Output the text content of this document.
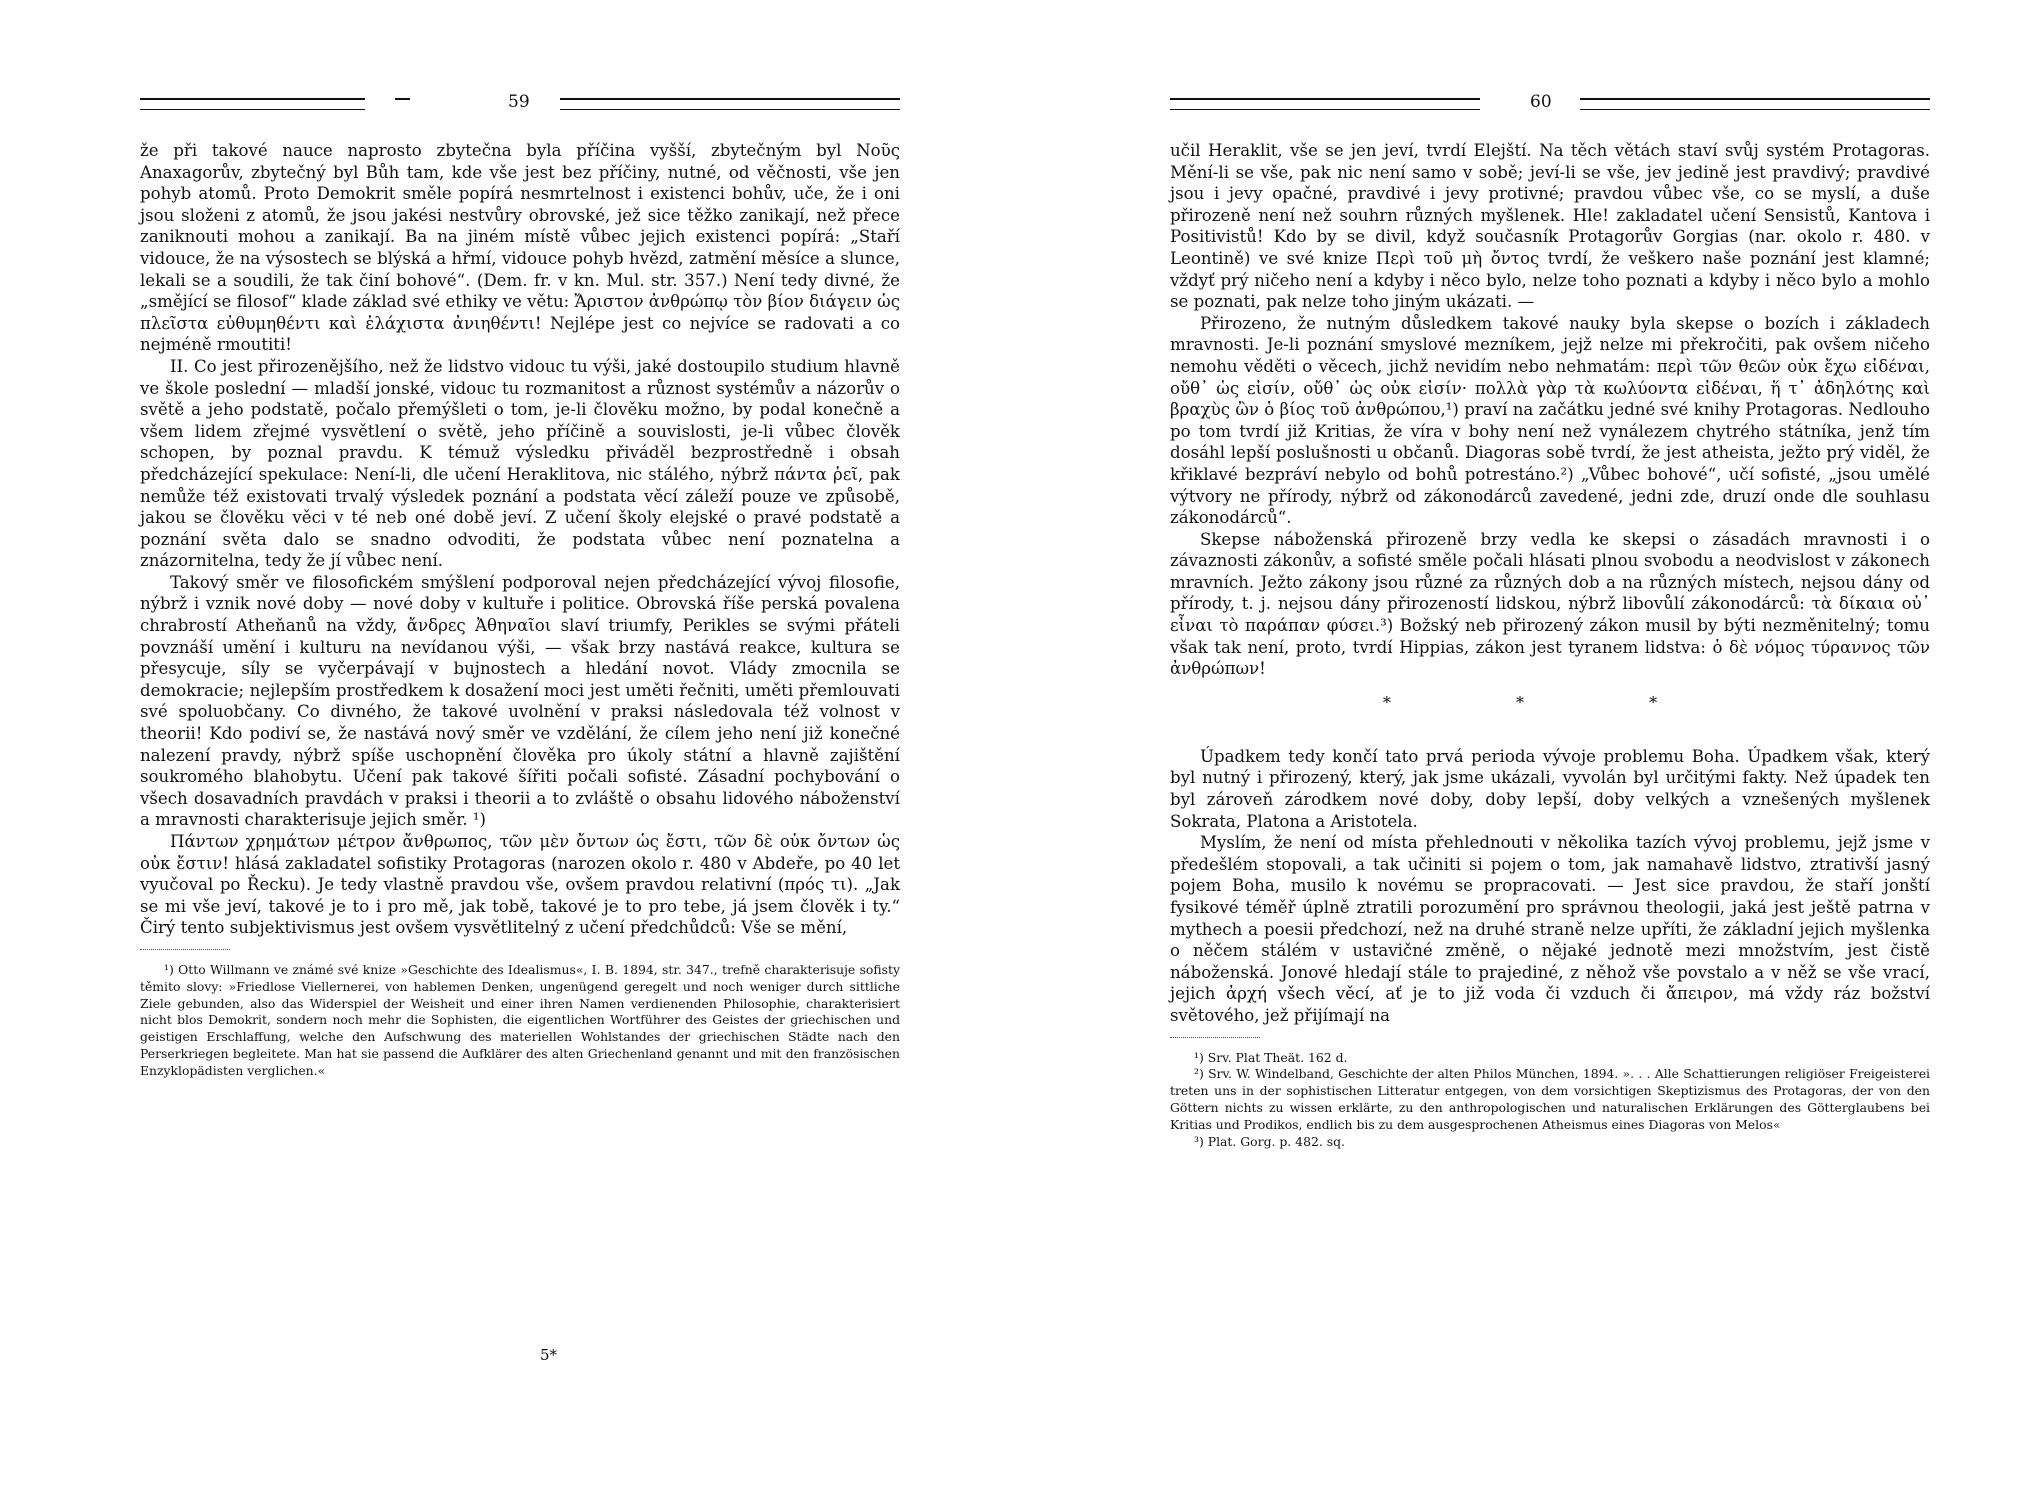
59

že při takové nauce naprosto zbytečna byla příčina vyšší, zbytečným byl Νοῦς Anaxagorův, zbytečný byl Bůh tam, kde vše jest bez příčiny, nutné, od věčnosti, vše jen pohyb atomů. Proto Demokrit směle popírá nesmrtelnost i existenci bohův, uče, že i oni jsou složeni z atomů, že jsou jakési nestvůry obrovské, jež sice těžko zanikají, než přece zaniknouti mohou a zanikají. Ba na jiném místě vůbec jejich existenci popírá: „Staří vidouce, že na výsostech se blýská a hřmí, vidouce pohyb hvězd, zatmění měsíce a slunce, lekali se a soudili, že tak činí bohové“. (Dem. fr. v kn. Mul. str. 357.) Není tedy divné, že „smějící se filosof“ klade základ své ethiky ve větu: Ἄριστον ἀνθρώπῳ τὸν βίον διάγειν ὡς πλεῖστα εὐθυμηθέντι καὶ ἐλάχιστα ἀνιηθέντι! Nejlépe jest co nejvíce se radovati a co nejméně rmoutiti!

II. Co jest přirozenějšího, než že lidstvo vidouc tu výši, jaké dostoupilo studium hlavně ve škole poslední — mladší jonské, vidouc tu rozmanitost a různost systémův a názorův o světě a jeho podstatě, počalo přemýšleti o tom, je-li člověku možno, by podal konečně a všem lidem zřejmé vysvětlení o světě, jeho příčině a souvislosti, je-li vůbec člověk schopen, by poznal pravdu. K témuž výsledku přiváděl bezprostředně i obsah předcházející spekulace: Není-li, dle učení Heraklitova, nic stálého, nýbrž πάντα ῥεῖ, pak nemůže též existovati trvalý výsledek poznání a podstata věcí záleží pouze ve způsobě, jakou se člověku věci v té neb oné době jeví. Z učení školy elejské o pravé podstatě a poznání světa dalo se snadno odvoditi, že podstata vůbec není poznatelna a znázornitelna, tedy že jí vůbec není.

Takový směr ve filosofickém smýšlení podporoval nejen předcházející vývoj filosofie, nýbrž i vznik nové doby — nové doby v kultuře i politice. Obrovská říše perská povalena chrabrostí Atheňanů na vždy, ἄνδρες Ἀθηναῖοι slaví triumfy, Perikles se svými přáteli povznáší umění i kulturu na nevídanou výši, — však brzy nastává reakce, kultura se přesycuje, síly se vyčerpávají v bujnostech a hledání novot. Vlády zmocnila se demokracie; nejlepším prostředkem k dosažení moci jest uměti řečniti, uměti přemlouvati své spoluobčany. Co divného, že takové uvolnění v praksi následovala též volnost v theorii! Kdo podiví se, že nastává nový směr ve vzdělání, že cílem jeho není již konečné nalezení pravdy, nýbrž spíše uschopnění člověka pro úkoly státní a hlavně zajištění soukromého blahobytu. Učení pak takové šířiti počali sofisté. Zásadní pochybování o všech dosavadních pravdách v praksi i theorii a to zvláště o obsahu lidového náboženství a mravnosti charakterisuje jejich směr. ¹)

Πάντων χρημάτων μέτρον ἄνθρωπος, τῶν μὲν ὄντων ὡς ἔστι, τῶν δὲ οὐκ ὄντων ὡς οὐκ ἔστιν! hlásá zakladatel sofistiky Protagoras (narozen okolo r. 480 v Abdeře, po 40 let vyučoval po Řecku). Je tedy vlastně pravdou vše, ovšem pravdou relativní (πρός τι). „Jak se mi vše jeví, takové je to i pro mě, jak tobě, takové je to pro tebe, já jsem člověk i ty.“ Čirý tento subjektivismus jest ovšem vysvětlitelný z učení předchůdců: Vše se mění,

¹) Otto Willmann ve známé své knize »Geschichte des Idealismus«, I. B. 1894, str. 347., trefně charakterisuje sofisty těmito slovy: »Friedlose Viellernerei, von hablemen Denken, ungenügend geregelt und noch weniger durch sittliche Ziele gebunden, also das Widerspiel der Weisheit und einer ihren Namen verdienenden Philosophie, charakterisiert nicht blos Demokrit, sondern noch mehr die Sophisten, die eigentlichen Wortführer des Geistes der griechischen und geistigen Erschlaffung, welche den Aufschwung des materiellen Wohlstandes der griechischen Städte nach den Perserkriegen begleitete. Man hat sie passend die Aufklärer des alten Griechenland genannt und mit den französischen Enzyklopädisten verglichen.«

5*
60

učil Heraklit, vše se jen jeví, tvrdí Elejští. Na těch větách staví svůj systém Protagoras. Mění-li se vše, pak nic není samo v sobě; jeví-li se vše, jev jedině jest pravdivý; pravdivé jsou i jevy opačné, pravdivé i jevy protivné; pravdou vůbec vše, co se myslí, a duše přirozeně není než souhrn různých myšlenek. Hle! zakladatel učení Sensistů, Kantova i Positivistů! Kdo by se divil, když současník Protagorův Gorgias (nar. okolo r. 480. v Leontině) ve své knize Περὶ τοῦ μὴ ὄντος tvrdí, že veškero naše poznání jest klamné; vždyť prý ničeho není a kdyby i něco bylo, nelze toho poznati a kdyby i něco bylo a mohlo se poznati, pak nelze toho jiným ukázati. —

Přirozeno, že nutným důsledkem takové nauky byla skepse o bozích i základech mravnosti. Je-li poznání smyslové mezníkem, jejž nelze mi překročiti, pak ovšem ničeho nemohu věděti o věcech, jichž nevidím nebo nehmatám: περὶ τῶν θεῶν οὐκ ἔχω εἰδέναι, οὔθ᾽ ὡς εἰσίν, οὔθ᾽ ὡς οὐκ εἰσίν· πολλὰ γὰρ τὰ κωλύοντα εἰδέναι, ἥ τ᾽ ἀδηλότης καὶ βραχὺς ὢν ὁ βίος τοῦ ἀνθρώπου,¹) praví na začátku jedné své knihy Protagoras. Nedlouho po tom tvrdí již Kritias, že víra v bohy není než vynálezem chytrého státníka, jenž tím dosáhl lepší poslušnosti u občanů. Diagoras sobě tvrdí, že jest atheista, ježto prý viděl, že křiklavé bezpráví nebylo od bohů potrestáno.²) „Vůbec bohové“, učí sofisté, „jsou umělé výtvory ne přírody, nýbrž od zákonodárců zavedené, jedni zde, druzí onde dle souhlasu zákonodárců“.

Skepse náboženská přirozeně brzy vedla ke skepsi o zásadách mravnosti i o závaznosti zákonův, a sofisté směle počali hlásati plnou svobodu a neodvislost v zákonech mravních. Ježto zákony jsou různé za různých dob a na různých místech, nejsou dány od přírody, t. j. nejsou dány přirozeností lidskou, nýbrž libovůlí zákonodárců: τὰ δίκαια οὐ᾽ εἶναι τὸ παράπαν φύσει.³) Božský neb přirozený zákon musil by býti nezměnitelný; tomu však tak není, proto, tvrdí Hippias, zákon jest tyranem lidstva: ὁ δὲ νόμος τύραννος τῶν ἀνθρώπων!

* * *

Úpadkem tedy končí tato prvá perioda vývoje problemu Boha. Úpadkem však, který byl nutný i přirozený, který, jak jsme ukázali, vyvolán byl určitými fakty. Než úpadek ten byl zároveň zárodkem nové doby, doby lepší, doby velkých a vznešených myšlenek Sokrata, Platona a Aristotela.

Myslím, že není od místa přehlednouti v několika tazích vývoj problemu, jejž jsme v předešlém stopovali, a tak učiniti si pojem o tom, jak namahavě lidstvo, ztrativší jasný pojem Boha, musilo k novému se propracovati. — Jest sice pravdou, že staří jonští fysikové téměř úplně ztratili porozumění pro správnou theologii, jaká jest ještě patrna v mytheсh a poesii předchozí, než na druhé straně nelze upříti, že základní jejich myšlenka o něčem stálém v ustavičné změně, o nějaké jednotě mezi množstvím, jest čistě náboženská. Jonové hledají stále to prajediné, z něhož vše povstalo a v něž se vše vrací, jejich ἀρχή všech věcí, ať je to již voda či vzduch či ἄπειρον, má vždy ráz božství světového, jež přijímají na

¹) Srv. Plat Theät. 162 d.

²) Srv. W. Windelband, Geschichte der alten Philos München, 1894. ». . . Alle Schattierungen religiöser Freigeisterei treten uns in der sophistischen Litteratur entgegen, von dem vorsichtigen Skeptizismus des Protagoras, der von den Göttern nichts zu wissen erklärte, zu den anthropologischen und naturalischen Erklärungen des Götterglaubens bei Kritias und Prodikos, endlich bis zu dem ausgesprochenen Atheismus eines Diagoras von Melos«

³) Plat. Gorg. p. 482. sq.
